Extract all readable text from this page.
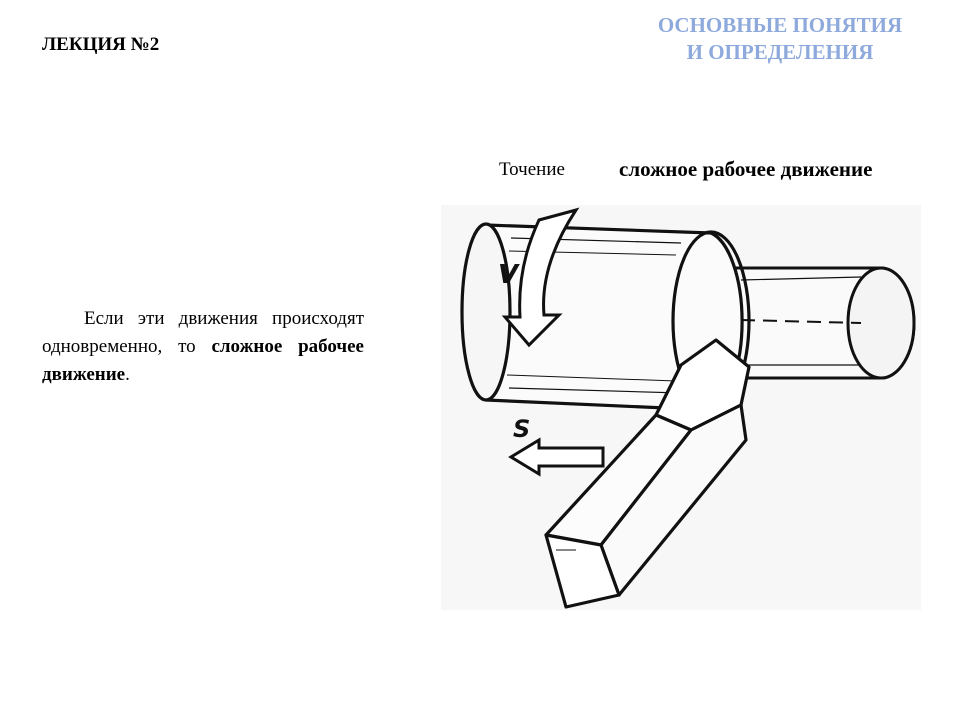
ЛЕКЦИЯ №2
ОСНОВНЫЕ ПОНЯТИЯ
И ОПРЕДЕЛЕНИЯ
Точение	сложное рабочее движение

Если эти движения происходят одновременно, то сложное рабочее движение.

V
S
